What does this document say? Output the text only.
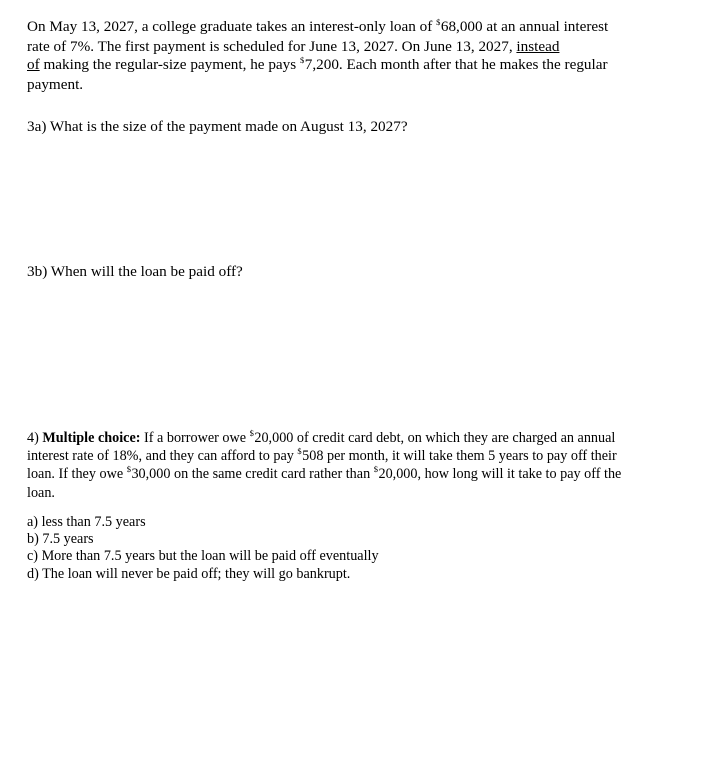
On May 13, 2027, a college graduate takes an interest-only loan of $68,000 at an annual interest
rate of 7%. The first payment is scheduled for June 13, 2027. On June 13, 2027, instead
of making the regular-size payment, he pays $7,200. Each month after that he makes the regular
payment.
3a) What is the size of the payment made on August 13, 2027?
3b) When will the loan be paid off?
4) Multiple choice: If a borrower owe $20,000 of credit card debt, on which they are charged an annual
interest rate of 18%, and they can afford to pay $508 per month, it will take them 5 years to pay off their
loan. If they owe $30,000 on the same credit card rather than $20,000, how long will it take to pay off the
loan.
a) less than 7.5 years
b) 7.5 years
c) More than 7.5 years but the loan will be paid off eventually
d) The loan will never be paid off; they will go bankrupt.
